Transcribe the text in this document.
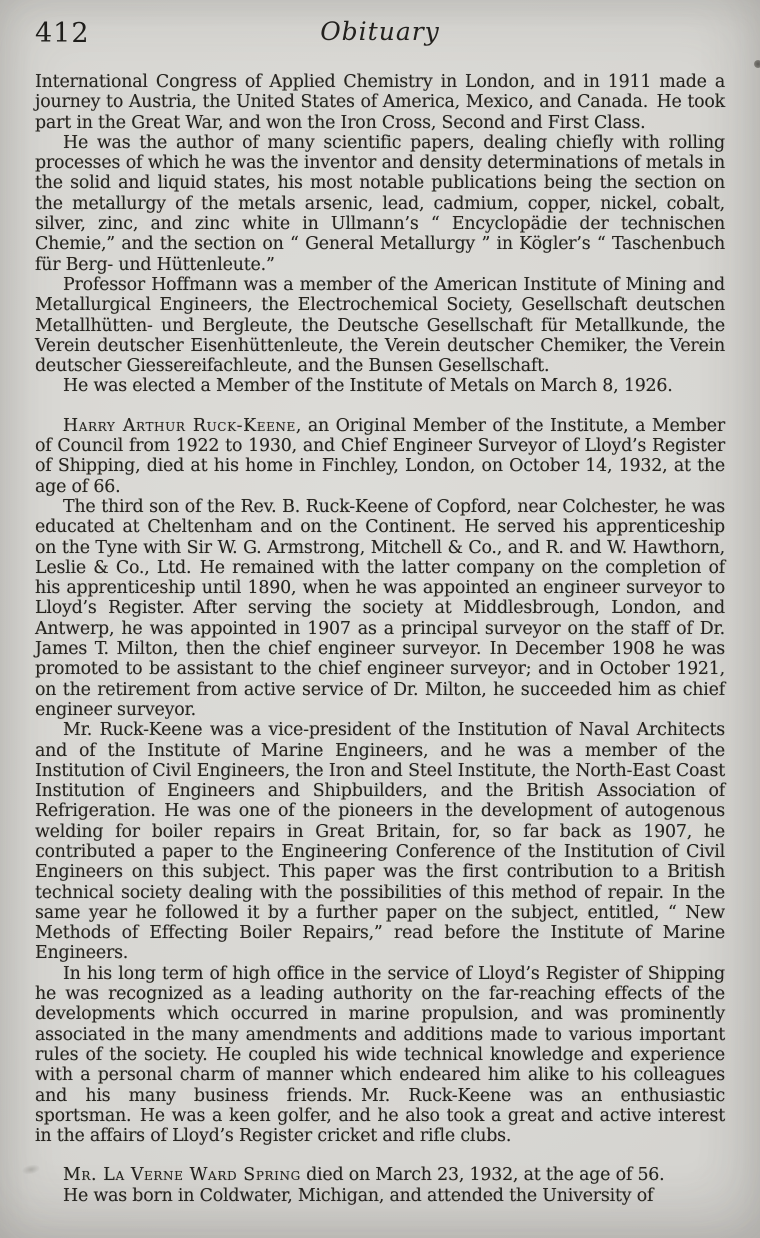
412	Obituary

International Congress of Applied Chemistry in London, and in 1911 made a journey to Austria, the United States of America, Mexico, and Canada. He took part in the Great War, and won the Iron Cross, Second and First Class.

He was the author of many scientific papers, dealing chiefly with rolling processes of which he was the inventor and density determinations of metals in the solid and liquid states, his most notable publications being the section on the metallurgy of the metals arsenic, lead, cadmium, copper, nickel, cobalt, silver, zinc, and zinc white in Ullmann’s “ Encyclopädie der technischen Chemie,” and the section on “ General Metallurgy ” in Kögler’s “ Taschenbuch für Berg- und Hüttenleute.”

Professor Hoffmann was a member of the American Institute of Mining and Metallurgical Engineers, the Electrochemical Society, Gesellschaft deutschen Metallhütten- und Bergleute, the Deutsche Gesellschaft für Metallkunde, the Verein deutscher Eisenhüttenleute, the Verein deutscher Chemiker, the Verein deutscher Giessereifachleute, and the Bunsen Gesellschaft.

He was elected a Member of the Institute of Metals on March 8, 1926.

Harry Arthur Ruck-Keene, an Original Member of the Institute, a Member of Council from 1922 to 1930, and Chief Engineer Surveyor of Lloyd’s Register of Shipping, died at his home in Finchley, London, on October 14, 1932, at the age of 66.

The third son of the Rev. B. Ruck-Keene of Copford, near Colchester, he was educated at Cheltenham and on the Continent. He served his apprenticeship on the Tyne with Sir W. G. Armstrong, Mitchell & Co., and R. and W. Hawthorn, Leslie & Co., Ltd. He remained with the latter company on the completion of his apprenticeship until 1890, when he was appointed an engineer surveyor to Lloyd’s Register. After serving the society at Middlesbrough, London, and Antwerp, he was appointed in 1907 as a principal surveyor on the staff of Dr. James T. Milton, then the chief engineer surveyor. In December 1908 he was promoted to be assistant to the chief engineer surveyor; and in October 1921, on the retirement from active service of Dr. Milton, he succeeded him as chief engineer surveyor.

Mr. Ruck-Keene was a vice-president of the Institution of Naval Architects and of the Institute of Marine Engineers, and he was a member of the Institution of Civil Engineers, the Iron and Steel Institute, the North-East Coast Institution of Engineers and Shipbuilders, and the British Association of Refrigeration. He was one of the pioneers in the development of autogenous welding for boiler repairs in Great Britain, for, so far back as 1907, he contributed a paper to the Engineering Conference of the Institution of Civil Engineers on this subject. This paper was the first contribution to a British technical society dealing with the possibilities of this method of repair. In the same year he followed it by a further paper on the subject, entitled, “ New Methods of Effecting Boiler Repairs,” read before the Institute of Marine Engineers.

In his long term of high office in the service of Lloyd’s Register of Shipping he was recognized as a leading authority on the far-reaching effects of the developments which occurred in marine propulsion, and was prominently associated in the many amendments and additions made to various important rules of the society. He coupled his wide technical knowledge and experience with a personal charm of manner which endeared him alike to his colleagues and his many business friends. Mr. Ruck-Keene was an enthusiastic sportsman. He was a keen golfer, and he also took a great and active interest in the affairs of Lloyd’s Register cricket and rifle clubs.

Mr. La Verne Ward Spring died on March 23, 1932, at the age of 56.

He was born in Coldwater, Michigan, and attended the University of
